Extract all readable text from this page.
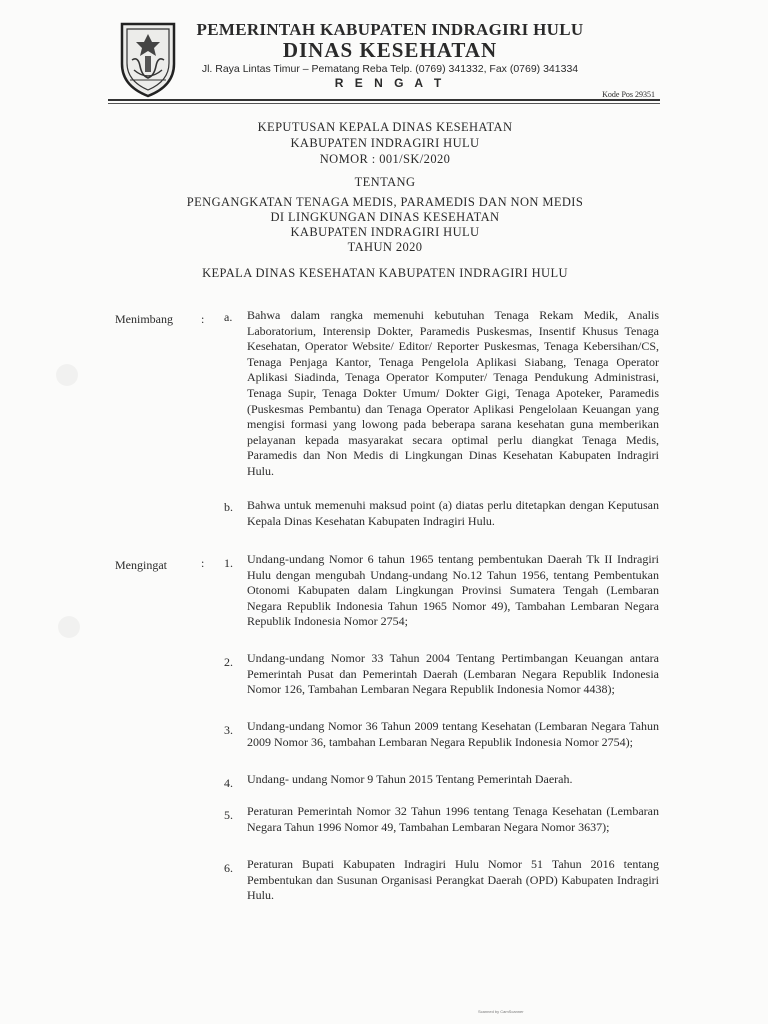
PEMERINTAH KABUPATEN INDRAGIRI HULU
DINAS KESEHATAN
Jl. Raya Lintas Timur – Pematang Reba Telp. (0769) 341332, Fax (0769) 341334
R E N G A T
Kode Pos 29351
KEPUTUSAN KEPALA DINAS KESEHATAN
KABUPATEN INDRAGIRI HULU
NOMOR : 001/SK/2020
TENTANG
PENGANGKATAN TENAGA MEDIS, PARAMEDIS DAN NON MEDIS
DI LINGKUNGAN DINAS KESEHATAN
KABUPATEN INDRAGIRI HULU
TAHUN 2020
KEPALA DINAS KESEHATAN KABUPATEN INDRAGIRI HULU
Menimbang : a. Bahwa dalam rangka memenuhi kebutuhan Tenaga Rekam Medik, Analis Laboratorium, Interensip Dokter, Paramedis Puskesmas, Insentif Khusus Tenaga Kesehatan, Operator Website/ Editor/ Reporter Puskesmas, Tenaga Kebersihan/CS, Tenaga Penjaga Kantor, Tenaga Pengelola Aplikasi Siabang, Tenaga Operator Aplikasi Siadinda, Tenaga Operator Komputer/ Tenaga Pendukung Administrasi, Tenaga Supir, Tenaga Dokter Umum/ Dokter Gigi, Tenaga Apoteker, Paramedis (Puskesmas Pembantu) dan Tenaga Operator Aplikasi Pengelolaan Keuangan yang mengisi formasi yang lowong pada beberapa sarana kesehatan guna memberikan pelayanan kepada masyarakat secara optimal perlu diangkat Tenaga Medis, Paramedis dan Non Medis di Lingkungan Dinas Kesehatan Kabupaten Indragiri Hulu.
b. Bahwa untuk memenuhi maksud point (a) diatas perlu ditetapkan dengan Keputusan Kepala Dinas Kesehatan Kabupaten Indragiri Hulu.
Mengingat	: 1. Undang-undang Nomor 6 tahun 1965 tentang pembentukan Daerah Tk II Indragiri Hulu dengan mengubah Undang-undang No.12 Tahun 1956, tentang Pembentukan Otonomi Kabupaten dalam Lingkungan Provinsi Sumatera Tengah (Lembaran Negara Republik Indonesia Tahun 1965 Nomor 49), Tambahan Lembaran Negara Republik Indonesia Nomor 2754;
2. Undang-undang Nomor 33 Tahun 2004 Tentang Pertimbangan Keuangan antara Pemerintah Pusat dan Pemerintah Daerah (Lembaran Negara Republik Indonesia Nomor 126, Tambahan Lembaran Negara Republik Indonesia Nomor 4438);
3. Undang-undang Nomor 36 Tahun 2009 tentang Kesehatan (Lembaran Negara Tahun 2009 Nomor 36, tambahan Lembaran Negara Republik Indonesia Nomor 2754);
4. Undang- undang Nomor 9 Tahun 2015 Tentang Pemerintah Daerah.
5. Peraturan Pemerintah Nomor 32 Tahun 1996 tentang Tenaga Kesehatan (Lembaran Negara Tahun 1996 Nomor 49, Tambahan Lembaran Negara Nomor 3637);
6. Peraturan Bupati Kabupaten Indragiri Hulu Nomor 51 Tahun 2016 tentang Pembentukan dan Susunan Organisasi Perangkat Daerah (OPD) Kabupaten Indragiri Hulu.
Scanned by CamScanner
